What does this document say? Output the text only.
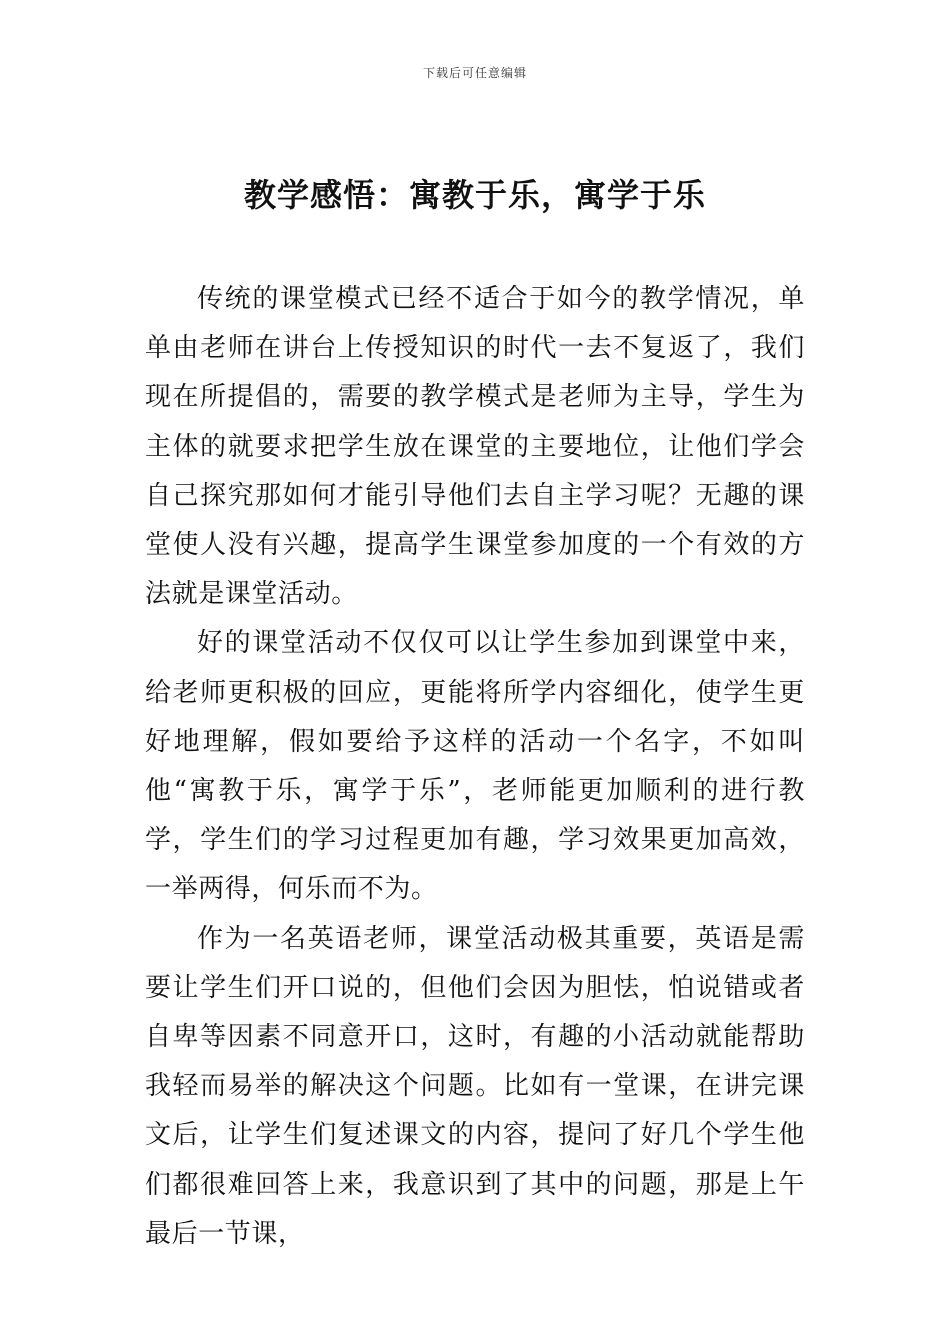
下载后可任意编辑
教学感悟：寓教于乐，寓学于乐

传统的课堂模式已经不适合于如今的教学情况，单单由老师在讲台上传授知识的时代一去不复返了，我们现在所提倡的，需要的教学模式是老师为主导，学生为主体的就要求把学生放在课堂的主要地位，让他们学会自己探究那如何才能引导他们去自主学习呢？无趣的课堂使人没有兴趣，提高学生课堂参加度的一个有效的方法就是课堂活动。

好的课堂活动不仅仅可以让学生参加到课堂中来，给老师更积极的回应，更能将所学内容细化，使学生更好地理解，假如要给予这样的活动一个名字，不如叫他“寓教于乐，寓学于乐”，老师能更加顺利的进行教学，学生们的学习过程更加有趣，学习效果更加高效，一举两得，何乐而不为。

作为一名英语老师，课堂活动极其重要，英语是需要让学生们开口说的，但他们会因为胆怯，怕说错或者自卑等因素不同意开口，这时，有趣的小活动就能帮助我轻而易举的解决这个问题。比如有一堂课，在讲完课文后，让学生们复述课文的内容，提问了好几个学生他们都很难回答上来，我意识到了其中的问题，那是上午最后一节课，
